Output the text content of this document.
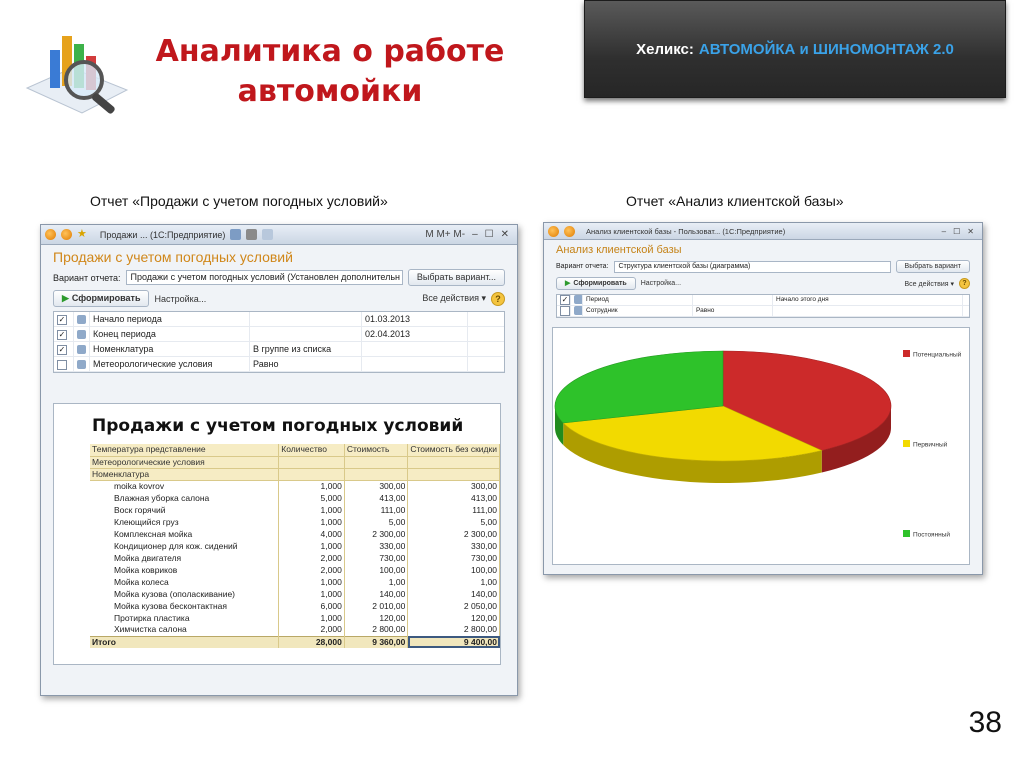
Аналитика о работе автомойки
Хеликс: АВТОМОЙКА и ШИНОМОНТАЖ 2.0
Отчет «Продажи с учетом погодных условий»	Отчет «Анализ клиентской базы»
★ Продажи ... (1С:Предприятие)	M M+ M- – ☐ ✕
Продажи с учетом погодных условий
Вариант отчета:	Продажи с учетом погодных условий (Установлен дополнительн	Выбрать вариант...
▶ Сформировать	Настройка...	Все действия ▾	?
✓	Начало периода	01.03.2013
✓	Конец периода	02.04.2013
✓	Номенклатура	В группе из списка
Метеорологические условия	Равно
Продажи с учетом погодных условий
Температура представление	Количество	Стоимость	Стоимость без скидки
Метеорологические условия			
Номенклатура			
moika kovrov	1,000	300,00	300,00
Влажная уборка салона	5,000	413,00	413,00
Воск горячий	1,000	111,00	111,00
Клеющийся груз	1,000	5,00	5,00
Комплексная мойка	4,000	2 300,00	2 300,00
Кондиционер для кож. сидений	1,000	330,00	330,00
Мойка двигателя	2,000	730,00	730,00
Мойка ковриков	2,000	100,00	100,00
Мойка колеса	1,000	1,00	1,00
Мойка кузова (ополаскивание)	1,000	140,00	140,00
Мойка кузова бесконтактная	6,000	2 010,00	2 050,00
Протирка пластика	1,000	120,00	120,00
Химчистка салона	2,000	2 800,00	2 800,00
Итого	28,000	9 360,00	9 400,00
Анализ клиентской базы - Пользоват... (1С:Предприятие)	– ☐ ✕
Анализ клиентской базы
Вариант отчета:	Структура клиентской базы (диаграмма)	Выбрать вариант
▶ Сформировать	Настройка...	Все действия ▾	?
✓	Период	Начало этого дня
Сотрудник	Равно
Потенциальный
Первичный
Постоянный
38
